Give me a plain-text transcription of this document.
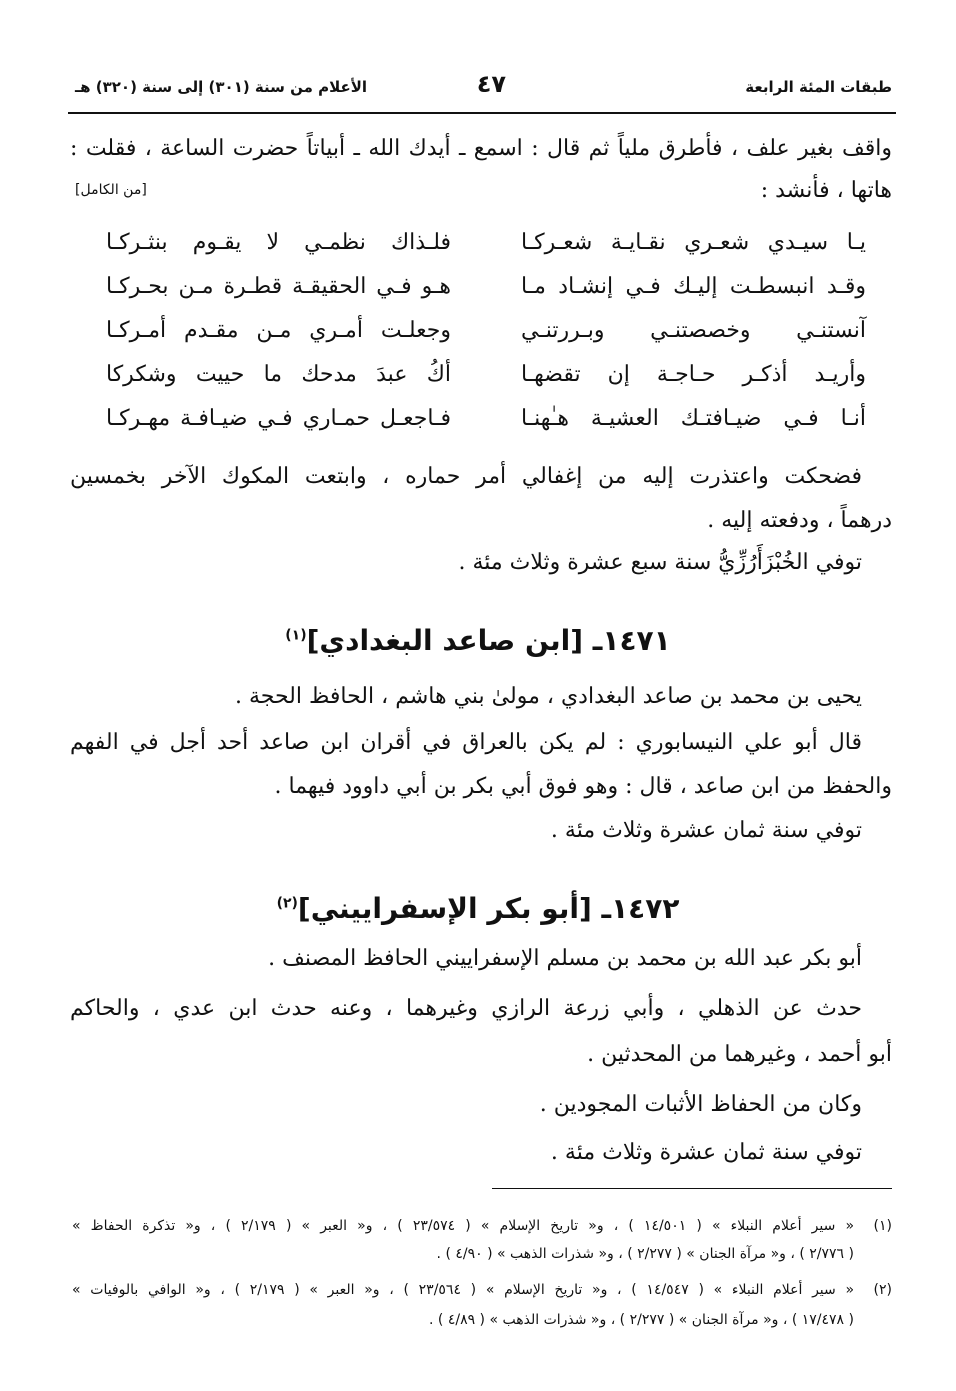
طبقات المئة الرابعة
٤٧
الأعلام من سنة (٣٠١) إلى سنة (٣٢٠) هـ
واقف بغير علف ، فأطرق ملياً ثم قال : اسمع ـ أيدك الله ـ أبياتاً حضرت الساعة ، فقلت :
هاتها ، فأنشد :
[من الكامل]
يـا سيـدي شعـري نقـايـة شعـركـا
فلـذاك نظمـي لا يقـوم بنثـركـا
وقـد انبسطـت إليـك فـي إنشـاد مـا
هـو فـي الحقيقـة قطـرة مـن بحـركـا
آنستنـي وخصصتنـي وبـررتنـي
وجعلـت أمـري مـن مقـدم أمـركـا
وأريـد أذكـر حـاجـة إن تقضهـا
أكُ عبدَ مدحك ما حييت وشكركا
أنـا فـي ضيـافتـك العشيـة هـٰهنـا
فـاجعـل حمـاري فـي ضيـافـة مهـركـا
فضحكت واعتذرت إليه من إغفالي أمر حماره ، وابتعت المكوك الآخر بخمسين
درهماً ، ودفعته إليه .
توفي الخُبْزَأَرُزِّيُّ سنة سبع عشرة وثلاث مئة .
١٤٧١ـ [ابن صاعد البغدادي]$^{(١)}$
يحيى بن محمد بن صاعد البغدادي ، مولىٰ بني هاشم ، الحافظ الحجة .
قال أبو علي النيسابوري : لم يكن بالعراق في أقران ابن صاعد أحد أجل في الفهم
والحفظ من ابن صاعد ، قال : وهو فوق أبي بكر بن أبي داوود فيهما .
توفي سنة ثمان عشرة وثلاث مئة .
١٤٧٢ـ [أبو بكر الإسفراييني]$^{(٢)}$
أبو بكر عبد الله بن محمد بن مسلم الإسفراييني الحافظ المصنف .
حدث عن الذهلي ، وأبي زرعة الرازي وغيرهما ، وعنه حدث ابن عدي ، والحاكم
أبو أحمد ، وغيرهما من المحدثين .
وكان من الحفاظ الأثبات المجودين .
توفي سنة ثمان عشرة وثلاث مئة .
(١)
« سير أعلام النبلاء » ( ١٤/٥٠١ ) ، و« تاريخ الإسلام » ( ٢٣/٥٧٤ ) ، و« العبر » ( ٢/١٧٩ ) ، و« تذكرة الحفاظ »
( ٢/٧٧٦ ) ، و« مرآة الجنان » ( ٢/٢٧٧ ) ، و« شذرات الذهب » ( ٤/٩٠ ) .
(٢)
« سير أعلام النبلاء » ( ١٤/٥٤٧ ) ، و« تاريخ الإسلام » ( ٢٣/٥٦٤ ) ، و« العبر » ( ٢/١٧٩ ) ، و« الوافي بالوفيات »
( ١٧/٤٧٨ ) ، و« مرآة الجنان » ( ٢/٢٧٧ ) ، و« شذرات الذهب » ( ٤/٨٩ ) .
